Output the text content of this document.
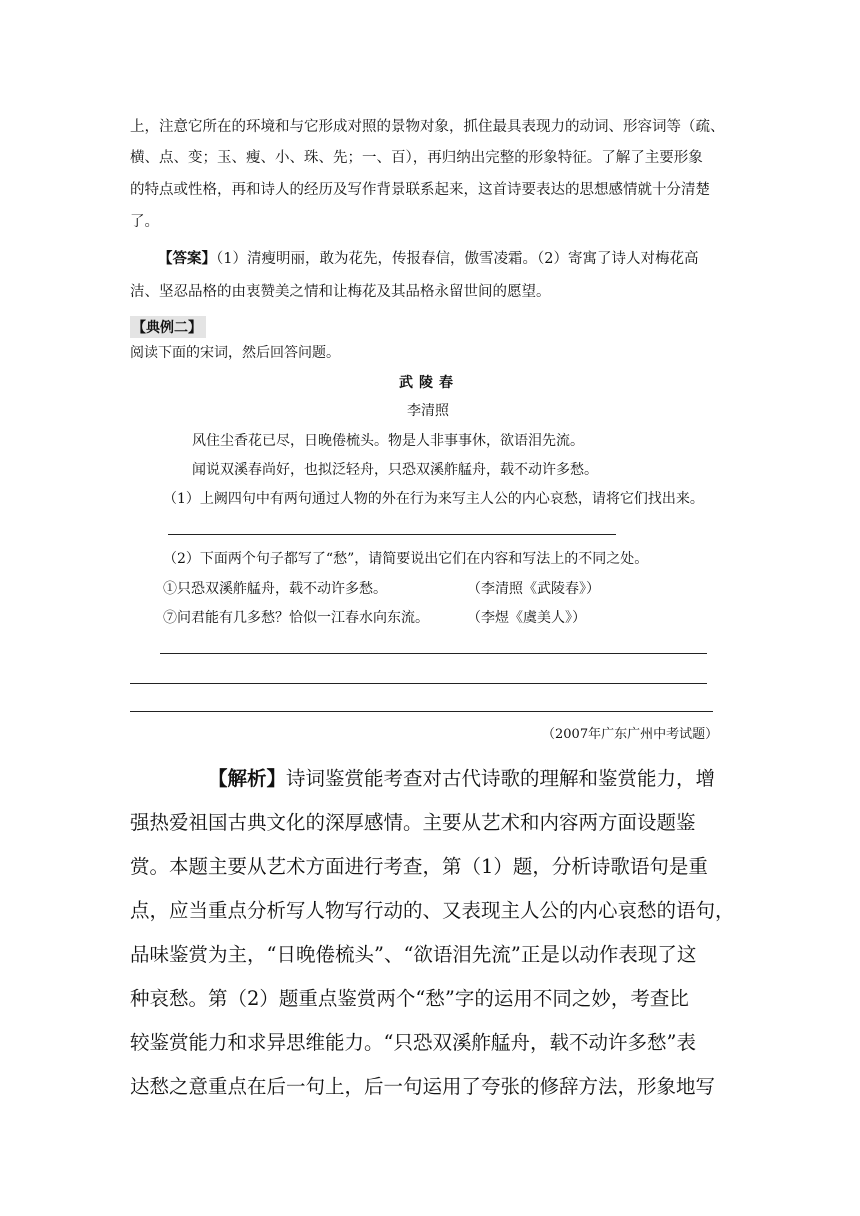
上，注意它所在的环境和与它形成对照的景物对象，抓住最具表现力的动词、形容词等（疏、
横、点、变；玉、瘦、小、珠、先；一、百），再归纳出完整的形象特征。了解了主要形象
的特点或性格，再和诗人的经历及写作背景联系起来，这首诗要表达的思想感情就十分清楚
了。
【答案】（1）清瘦明丽，敢为花先，传报春信，傲雪凌霜。（2）寄寓了诗人对梅花高
洁、坚忍品格的由衷赞美之情和让梅花及其品格永留世间的愿望。
【典例二】
阅读下面的宋词，然后回答问题。
武陵春
李清照
风住尘香花已尽，日晚倦梳头。物是人非事事休，欲语泪先流。
闻说双溪春尚好，也拟泛轻舟，只恐双溪舴艋舟，载不动许多愁。
（1）上阙四句中有两句通过人物的外在行为来写主人公的内心哀愁，请将它们找出来。
（2）下面两个句子都写了“愁”，请简要说出它们在内容和写法上的不同之处。
①只恐双溪舴艋舟，载不动许多愁。	（李清照《武陵春》）
⑦问君能有几多愁？恰似一江春水向东流。	（李煜《虞美人》）
（2007年广东广州中考试题）
【解析】诗词鉴赏能考查对古代诗歌的理解和鉴赏能力，增
强热爱祖国古典文化的深厚感情。主要从艺术和内容两方面设题鉴
赏。本题主要从艺术方面进行考查，第（1）题，分析诗歌语句是重
点，应当重点分析写人物写行动的、又表现主人公的内心哀愁的语句，
品味鉴赏为主，“日晚倦梳头”、“欲语泪先流”正是以动作表现了这
种哀愁。第（2）题重点鉴赏两个“愁”字的运用不同之妙，考查比
较鉴赏能力和求异思维能力。“只恐双溪舴艋舟，载不动许多愁”表
达愁之意重点在后一句上，后一句运用了夸张的修辞方法，形象地写
